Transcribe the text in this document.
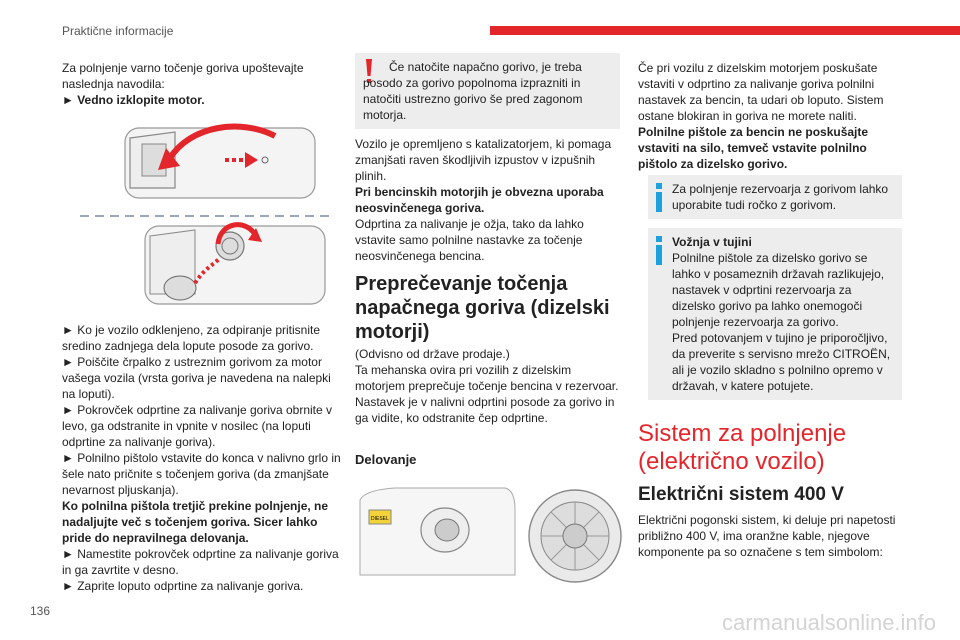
Praktične informacije

Za polnjenje varno točenje goriva upoštevajte naslednja navodila:

► Vedno izklopite motor.

► Ko je vozilo odklenjeno, za odpiranje pritisnite sredino zadnjega dela lopute posode za gorivo.

► Poiščite črpalko z ustreznim gorivom za motor vašega vozila (vrsta goriva je navedena na nalepki na loputi).

► Pokrovček odprtine za nalivanje goriva obrnite v levo, ga odstranite in vpnite v nosilec (na loputi odprtine za nalivanje goriva).

► Polnilno pištolo vstavite do konca v nalivno grlo in šele nato pričnite s točenjem goriva (da zmanjšate nevarnost pljuskanja).

Ko polnilna pištola tretjič prekine polnjenje, ne nadaljujte več s točenjem goriva. Sicer lahko pride do nepravilnega delovanja.

► Namestite pokrovček odprtine za nalivanje goriva in ga zavrtite v desno.

► Zaprite loputo odprtine za nalivanje goriva.

Če natočite napačno gorivo, je treba posodo za gorivo popolnoma izprazniti in natočiti ustrezno gorivo še pred zagonom motorja.

Vozilo je opremljeno s katalizatorjem, ki pomaga zmanjšati raven škodljivih izpustov v izpušnih plinih.

Pri bencinskih motorjih je obvezna uporaba neosvinčenega goriva.

Odprtina za nalivanje je ožja, tako da lahko vstavite samo polnilne nastavke za točenje neosvinčenega bencina.

Preprečevanje točenja
napačnega goriva (dizelski
motorji)

(Odvisno od države prodaje.)

Ta mehanska ovira pri vozilih z dizelskim motorjem preprečuje točenje bencina v rezervoar.

Nastavek je v nalivni odprtini posode za gorivo in ga vidite, ko odstranite čep odprtine.

Delovanje
DIESEL

Če pri vozilu z dizelskim motorjem poskušate vstaviti v odprtino za nalivanje goriva polnilni nastavek za bencin, ta udari ob loputo. Sistem ostane blokiran in goriva ne morete naliti.

Polnilne pištole za bencin ne poskušajte vstaviti na silo, temveč vstavite polnilno pištolo za dizelsko gorivo.

Za polnjenje rezervoarja z gorivom lahko uporabite tudi ročko z gorivom.
Vožnja v tujini
Polnilne pištole za dizelsko gorivo se lahko v posameznih državah razlikujejo, nastavek v odprtini rezervoarja za dizelsko gorivo pa lahko onemogoči polnjenje rezervoarja za gorivo.
Pred potovanjem v tujino je priporočljivo, da preverite s servisno mrežo CITROËN, ali je vozilo skladno s polnilno opremo v državah, v katere potujete.
Sistem za polnjenje
(električno vozilo)
Električni sistem 400 V

Električni pogonski sistem, ki deluje pri napetosti približno 400 V, ima oranžne kable, njegove komponente pa so označene s tem simbolom:

136	carmanualsonline.info
